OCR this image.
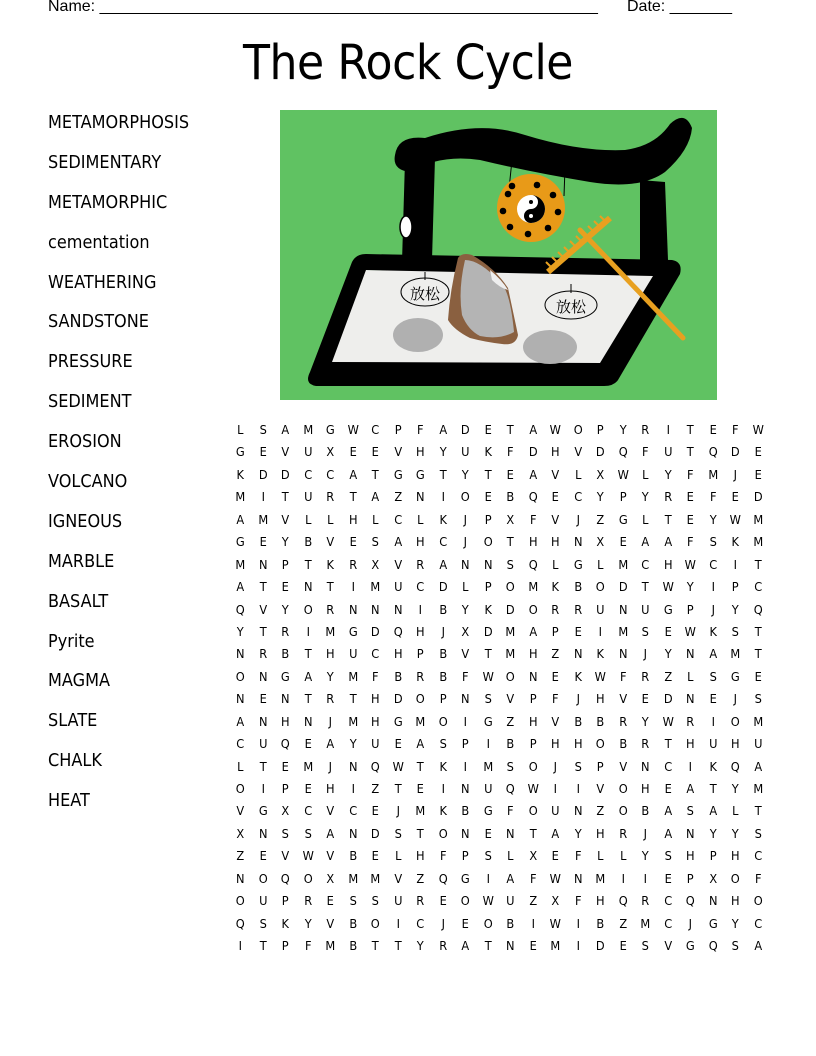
Name: ________________________________________________________ Date: _______
The Rock Cycle
METAMORPHOSIS
SEDIMENTARY
METAMORPHIC
cementation
WEATHERING
SANDSTONE
PRESSURE
SEDIMENT
EROSION
VOLCANO
IGNEOUS
MARBLE
BASALT
Pyrite
MAGMA
SLATE
CHALK
HEAT
放松
放松
L	S	A	M	G	W	C	P	F	A	D	E	T	A	W	O	P	Y	R	I	T	E	F	W
G	E	V	U	X	E	E	V	H	Y	U	K	F	D	H	V	D	Q	F	U	T	Q	D	E
K	D	D	C	C	A	T	G	G	T	Y	T	E	A	V	L	X	W	L	Y	F	M	J	E
M	I	T	U	R	T	A	Z	N	I	O	E	B	Q	E	C	Y	P	Y	R	E	F	E	D
A	M	V	L	L	H	L	C	L	K	J	P	X	F	V	J	Z	G	L	T	E	Y	W M
G	E	Y	B	V	E	S	A	H	C	J	O	T	H	H	N	X	E	A	A	F	S	K	M
M	N	P	T	K	R	X	V	R	A	N	N	S	Q	L	G	L	M	C	H	W	C	I	T
A	T	E	N	T	I	M	U	C	D	L	P	O	M	K	B	O	D	T	W	Y	I	P	C
Q	V	Y	O	R	N	N	N	I	B	Y	K	D	O	R	R	U	N	U	G	P	J	Y	Q
Y	T	R	I	M	G	D	Q	H	J	X	D	M	A	P	E	I	M	S	E	W	K	S	T
N	R	B	T	H	U	C	H	P	B	V	T	M	H	Z	N	K	N	J	Y	N	A	M	T
O	N	G	A	Y	M	F	B	R	B	F	W	O	N	E	K	W	F	R	Z	L	S	G	E
N	E	N	T	R	T	H	D	O	P	N	S	V	P	F	J	H	V	E	D	N	E	J	S
A	N	H	N	J	M	H	G	M	O	I	G	Z	H	V	B	B	R	Y	W	R	I	O	M
C	U	Q	E	A	Y	U	E	A	S	P	I	B	P	H	H	O	B	R	T	H	U	H	U
L	T	E	M	J	N	Q	W	T	K	I	M	S	O	J	S	P	V	N	C	I	K	Q	A
O	I	P	E	H	I	Z	T	E	I	N	U	Q	W	I	I	V	O	H	E	A	T	Y	M
V	G	X	C	V	C	E	J	M	K	B	G	F	O	U	N	Z	O	B	A	S	A	L	T
X	N	S	S	A	N	D	S	T	O	N	E	N	T	A	Y	H	R	J	A	N	Y	Y	S
Z	E	V	W	V	B	E	L	H	F	P	S	L	X	E	F	L	L	Y	S	H	P	H	C
N	O	Q	O	X	M	M	V	Z	Q	G	I	A	F	W	N	M	I	I	E	P	X	O	F
O	U	P	R	E	S	S	U	R	E	O	W	U	Z	X	F	H	Q	R	C	Q	N	H	O
Q	S	K	Y	V	B	O	I	C	J	E	O	B	I	W	I	B	Z	M	C	J	G	Y	C
I	T	P	F	M	B	T	T	Y	R	A	T	N	E	M	I	D	E	S	V	G	Q	S	A
